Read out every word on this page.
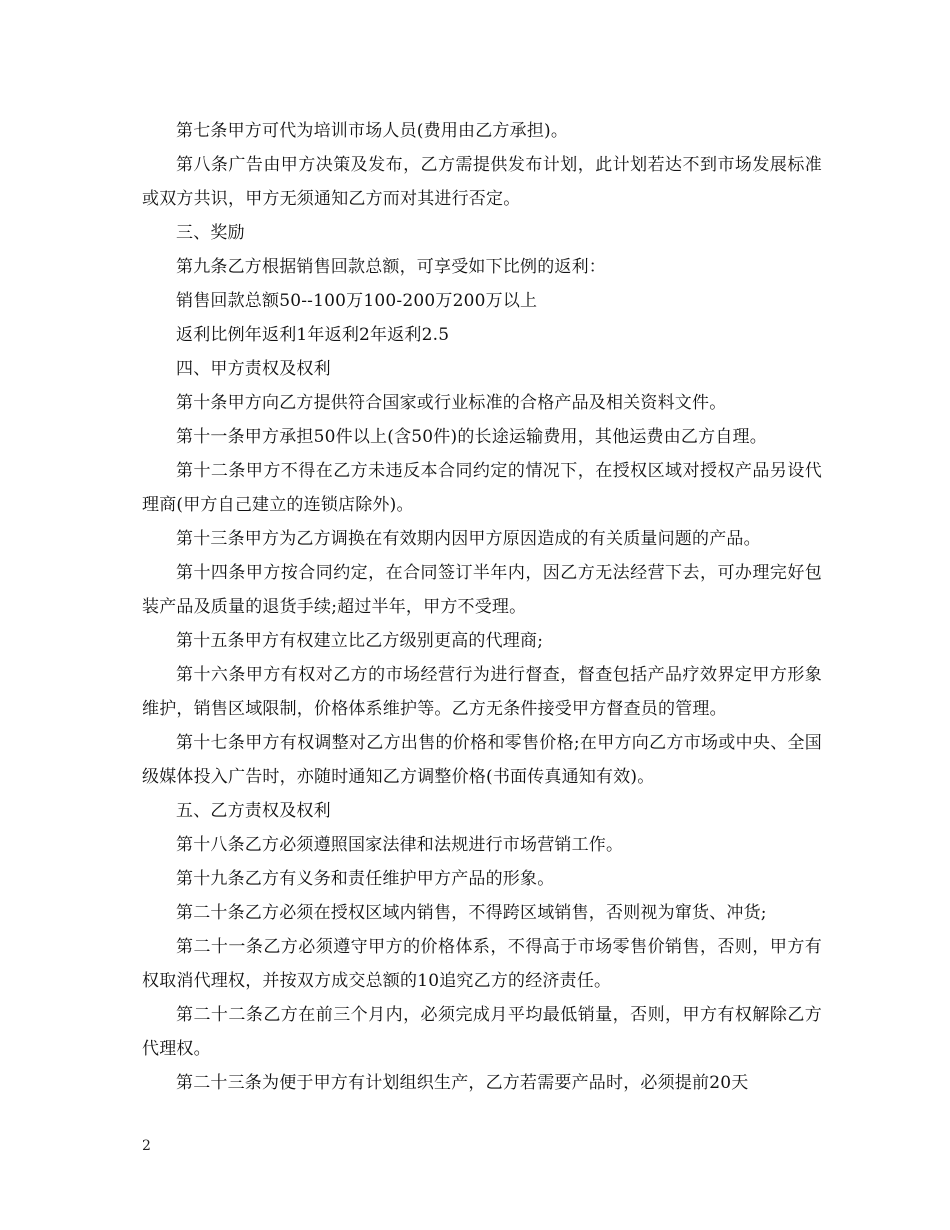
第七条甲方可代为培训市场人员(费用由乙方承担)。

第八条广告由甲方决策及发布，乙方需提供发布计划，此计划若达不到市场发展标准或双方共识，甲方无须通知乙方而对其进行否定。

三、奖励

第九条乙方根据销售回款总额，可享受如下比例的返利：

销售回款总额50--100万100-200万200万以上

返利比例年返利1年返利2年返利2.5

四、甲方责权及权利

第十条甲方向乙方提供符合国家或行业标准的合格产品及相关资料文件。

第十一条甲方承担50件以上(含50件)的长途运输费用，其他运费由乙方自理。

第十二条甲方不得在乙方未违反本合同约定的情况下，在授权区域对授权产品另设代理商(甲方自己建立的连锁店除外)。

第十三条甲方为乙方调换在有效期内因甲方原因造成的有关质量问题的产品。

第十四条甲方按合同约定，在合同签订半年内，因乙方无法经营下去，可办理完好包装产品及质量的退货手续;超过半年，甲方不受理。

第十五条甲方有权建立比乙方级别更高的代理商;

第十六条甲方有权对乙方的市场经营行为进行督查，督查包括产品疗效界定甲方形象维护，销售区域限制，价格体系维护等。乙方无条件接受甲方督查员的管理。

第十七条甲方有权调整对乙方出售的价格和零售价格;在甲方向乙方市场或中央、全国级媒体投入广告时，亦随时通知乙方调整价格(书面传真通知有效)。

五、乙方责权及权利

第十八条乙方必须遵照国家法律和法规进行市场营销工作。

第十九条乙方有义务和责任维护甲方产品的形象。

第二十条乙方必须在授权区域内销售，不得跨区域销售，否则视为窜货、冲货;

第二十一条乙方必须遵守甲方的价格体系，不得高于市场零售价销售，否则，甲方有权取消代理权，并按双方成交总额的10追究乙方的经济责任。

第二十二条乙方在前三个月内，必须完成月平均最低销量，否则，甲方有权解除乙方代理权。

第二十三条为便于甲方有计划组织生产，乙方若需要产品时，必须提前20天

2
